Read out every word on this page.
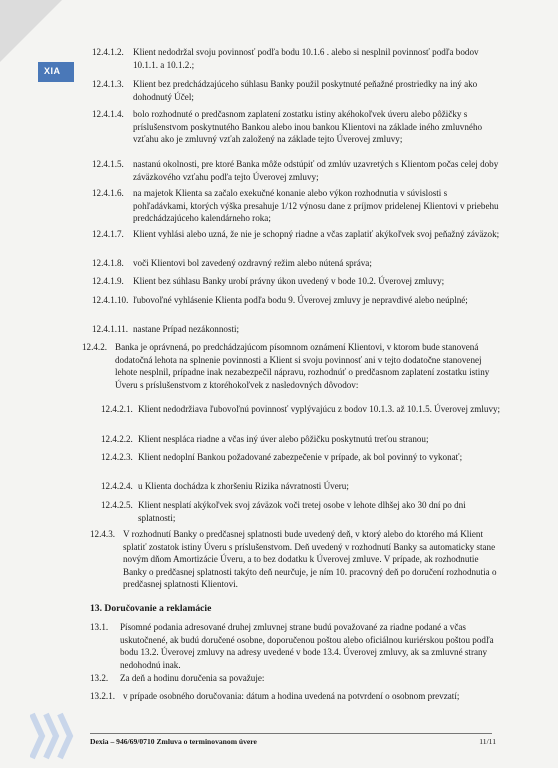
XIA
12.4.1.2. Klient nedodržal svoju povinnosť podľa bodu 10.1.6 . alebo si nesplnil povinnosť podľa bodov 10.1.1. a 10.1.2.;
12.4.1.3. Klient bez predchádzajúceho súhlasu Banky použil poskytnuté peňažné prostriedky na iný ako dohodnutý Účel;
12.4.1.4. bolo rozhodnuté o predčasnom zaplatení zostatku istiny akéhokoľvek úveru alebo pôžičky s príslušenstvom poskytnutého Bankou alebo inou bankou Klientovi na základe iného zmluvného vzťahu ako je zmluvný vzťah založený na základe tejto Úverovej zmluvy;
12.4.1.5. nastanú okolnosti, pre ktoré Banka môže odstúpiť od zmlúv uzavretých s Klientom počas celej doby záväzkového vzťahu podľa tejto Úverovej zmluvy;
12.4.1.6. na majetok Klienta sa začalo exekučné konanie alebo výkon rozhodnutia v súvislosti s pohľadávkami, ktorých výška presahuje 1/12 výnosu dane z príjmov pridelenej Klientovi v priebehu predchádzajúceho kalendárneho roka;
12.4.1.7. Klient vyhlási alebo uzná, že nie je schopný riadne a včas zaplatiť akýkoľvek svoj peňažný záväzok;
12.4.1.8. voči Klientovi bol zavedený ozdravný režim alebo nútená správa;
12.4.1.9. Klient bez súhlasu Banky urobí právny úkon uvedený v bode 10.2. Úverovej zmluvy;
12.4.1.10. ľubovoľné vyhlásenie Klienta podľa bodu 9. Úverovej zmluvy je nepravdivé alebo neúplné;
12.4.1.11. nastane Prípad nezákonnosti;
12.4.2. Banka je oprávnená, po predchádzajúcom písomnom oznámení Klientovi, v ktorom bude stanovená dodatočná lehota na splnenie povinnosti a Klient si svoju povinnosť ani v tejto dodatočne stanovenej lehote nesplnil, prípadne inak nezabezpečil nápravu, rozhodnúť o predčasnom zaplatení zostatku istiny Úveru s príslušenstvom z ktoréhokoľvek z nasledovných dôvodov:
12.4.2.1. Klient nedodržiava ľubovoľnú povinnosť vyplývajúcu z bodov 10.1.3. až 10.1.5. Úverovej zmluvy;
12.4.2.2. Klient nesplácа riadne a včas iný úver alebo pôžičku poskytnutú treťou stranou;
12.4.2.3. Klient nedoplní Bankou požadované zabezpečenie v prípade, ak bol povinný to vykonať;
12.4.2.4. u Klienta dochádza k zhoršeniu Rizika návratnosti Úveru;
12.4.2.5. Klient nesplatí akýkoľvek svoj záväzok voči tretej osobe v lehote dlhšej ako 30 dní po dni splatnosti;
12.4.3. V rozhodnutí Banky o predčasnej splatnosti bude uvedený deň, v ktorý alebo do ktorého má Klient splatiť zostatok istiny Úveru s príslušenstvom. Deň uvedený v rozhodnutí Banky sa automaticky stane novým dňom Amortizácie Úveru, a to bez dodatku k Úverovej zmluve. V prípade, ak rozhodnutie Banky o predčasnej splatnosti takýto deň neurčuje, je ním 10. pracovný deň po doručení rozhodnutia o predčasnej splatnosti Klientovi.
13. Doručovanie a reklamácie
13.1. Písomné podania adresované druhej zmluvnej strane budú považované za riadne podané a včas uskutočnené, ak budú doručené osobne, doporučenou poštou alebo oficiálnou kuriérskou poštou podľa bodu 13.2. Úverovej zmluvy na adresy uvedené v bode 13.4. Úverovej zmluvy, ak sa zmluvné strany nedohodnú inak.
13.2. Za deň a hodinu doručenia sa považuje:
13.2.1. v prípade osobného doručovania: dátum a hodina uvedená na potvrdení o osobnom prevzatí;
Dexia – 946/69/0710 Zmluva o terminovanom úvere	11/11
